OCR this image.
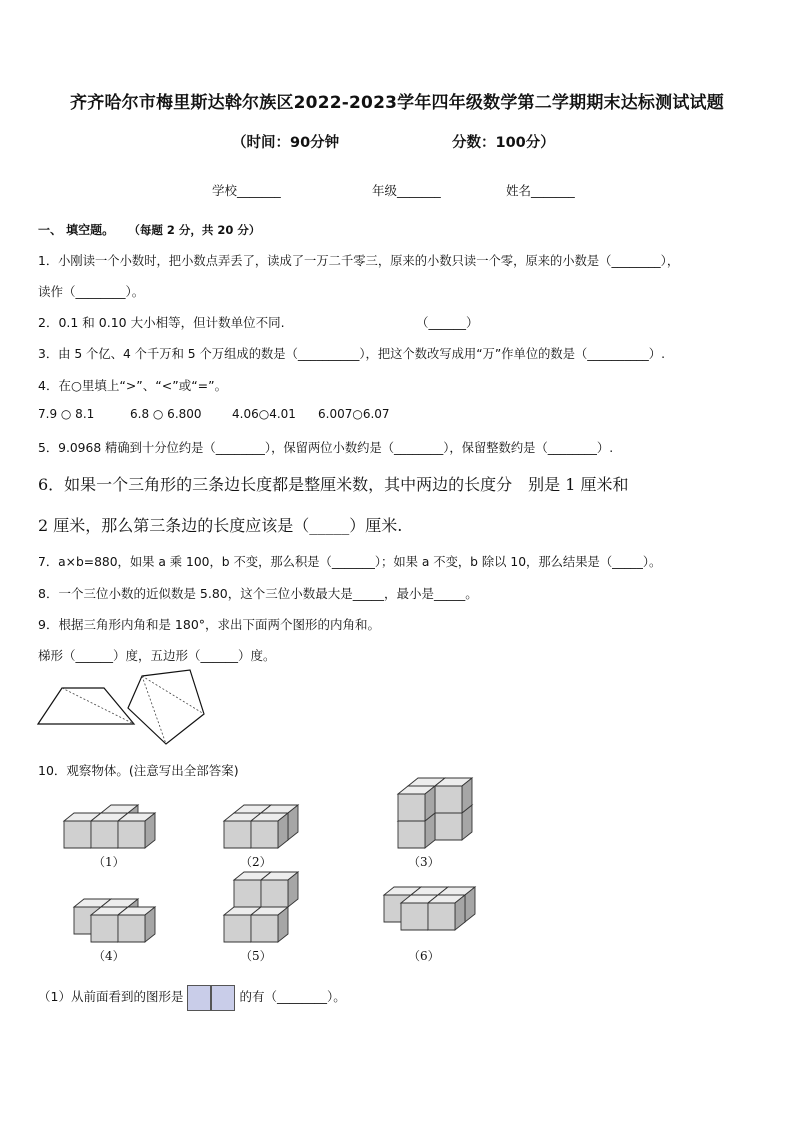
齐齐哈尔市梅里斯达斡尔族区2022-2023学年四年级数学第二学期期末达标测试试题
（时间：90分钟	分数：100分）
学校_______	年级_______	姓名_______
一、 填空题。 （每题 2 分，共 20 分）
1．小刚读一个小数时，把小数点弄丢了，读成了一万二千零三，原来的小数只读一个零，原来的小数是（________），
读作（________）。
2．0.1 和 0.10 大小相等，但计数单位不同.	（______）
3．由 5 个亿、4 个千万和 5 个万组成的数是（__________），把这个数改写成用“万”作单位的数是（__________）.
4．在○里填上“>”、“<”或“=”。
7.9 ○ 8.1	6.8 ○ 6.800	4.06○4.01 6.007○6.07
5．9.0968 精确到十分位约是（________），保留两位小数约是（________），保留整数约是（________）.
6．如果一个三角形的三条边长度都是整厘米数，其中两边的长度分　别是 1 厘米和
2 厘米，那么第三条边的长度应该是（_____）厘米.
7．a×b=880，如果 a 乘 100，b 不变，那么积是（_______）；如果 a 不变，b 除以 10，那么结果是（_____）。
8．一个三位小数的近似数是 5.80，这个三位小数最大是_____，最小是_____。
9．根据三角形内角和是 180°，求出下面两个图形的内角和。
梯形（______）度，五边形（______）度。
10．观察物体。(注意写出全部答案)
（1）	（2）	（3）
（4）	（5）	（6）
（1）从前面看到的图形是	的有（________）。
